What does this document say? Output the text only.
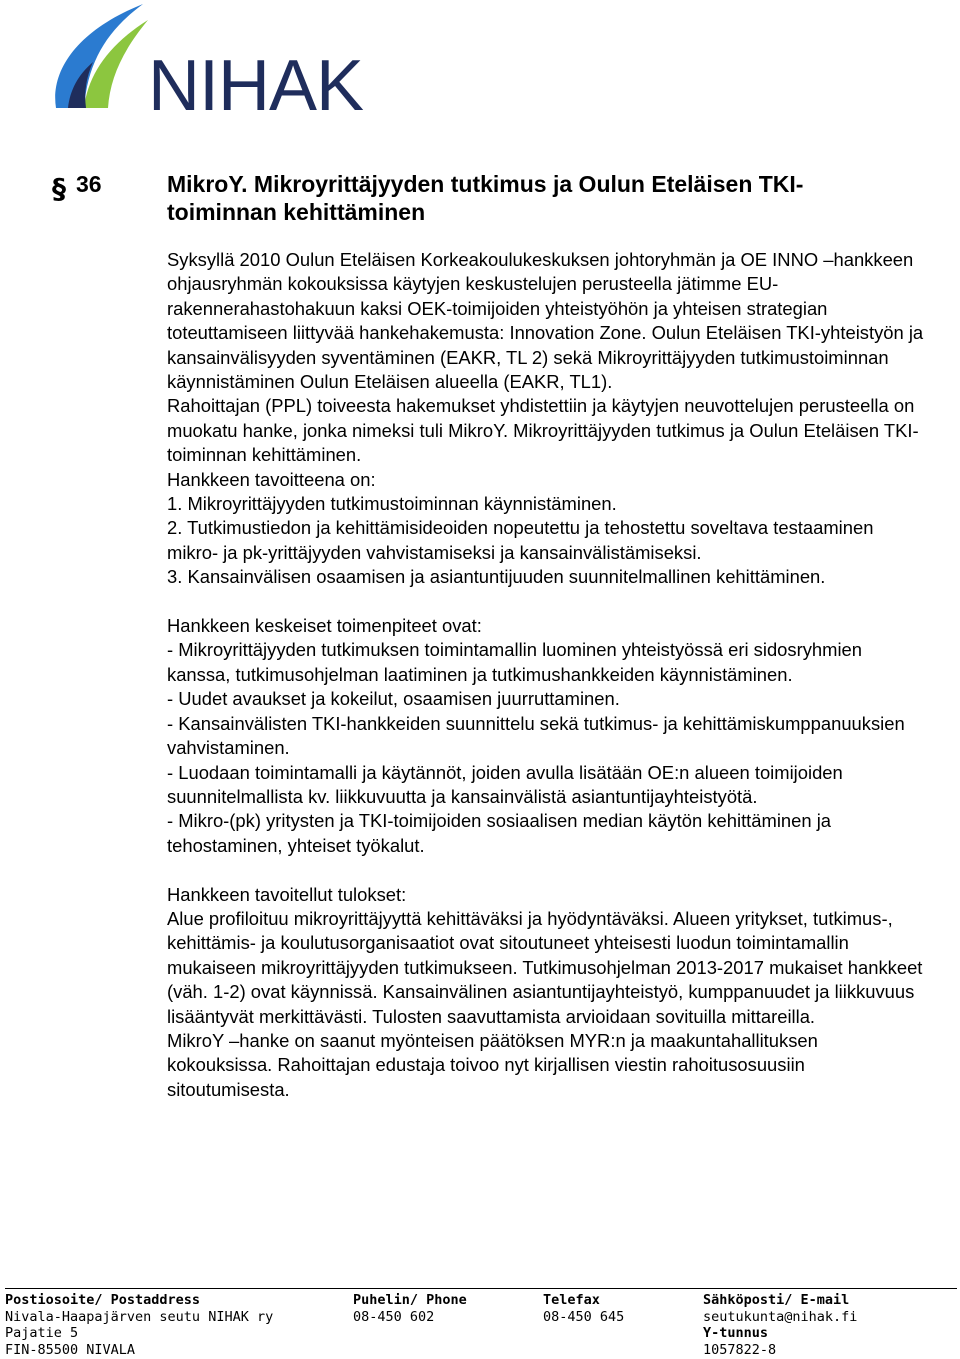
NIHAK
§ 36	MikroY. Mikroyrittäjyyden tutkimus ja Oulun Eteläisen TKI-toiminnan kehittäminen

Syksyllä 2010 Oulun Eteläisen Korkeakoulukeskuksen johtoryhmän ja OE INNO –hankkeen ohjausryhmän kokouksissa käytyjen keskustelujen perusteella jätimme EU-rakennerahastohakuun kaksi OEK-toimijoiden yhteistyöhön ja yhteisen strategian toteuttamiseen liittyvää hankehakemusta: Innovation Zone. Oulun Eteläisen TKI-yhteistyön ja kansainvälisyyden syventäminen (EAKR, TL 2) sekä Mikroyrittäjyyden tutkimustoiminnan käynnistäminen Oulun Eteläisen alueella (EAKR, TL1).

Rahoittajan (PPL) toiveesta hakemukset yhdistettiin ja käytyjen neuvottelujen perusteella on muokatu hanke, jonka nimeksi tuli MikroY. Mikroyrittäjyyden tutkimus ja Oulun Eteläisen TKI-toiminnan kehittäminen.

Hankkeen tavoitteena on:

1. Mikroyrittäjyyden tutkimustoiminnan käynnistäminen.

2. Tutkimustiedon ja kehittämisideoiden nopeutettu ja tehostettu soveltava testaaminen mikro- ja pk-yrittäjyyden vahvistamiseksi ja kansainvälistämiseksi.

3. Kansainvälisen osaamisen ja asiantuntijuuden suunnitelmallinen kehittäminen.

Hankkeen keskeiset toimenpiteet ovat:

- Mikroyrittäjyyden tutkimuksen toimintamallin luominen yhteistyössä eri sidosryhmien kanssa, tutkimusohjelman laatiminen ja tutkimushankkeiden käynnistäminen.

- Uudet avaukset ja kokeilut, osaamisen juurruttaminen.

- Kansainvälisten TKI-hankkeiden suunnittelu sekä tutkimus- ja kehittämiskumppanuuksien vahvistaminen.

- Luodaan toimintamalli ja käytännöt, joiden avulla lisätään OE:n alueen toimijoiden suunnitelmallista kv. liikkuvuutta ja kansainvälistä asiantuntijayhteistyötä.

- Mikro-(pk) yritysten ja TKI-toimijoiden sosiaalisen median käytön kehittäminen ja tehostaminen, yhteiset työkalut.

Hankkeen tavoitellut tulokset:

Alue profiloituu mikroyrittäjyyttä kehittäväksi ja hyödyntäväksi. Alueen yritykset, tutkimus-, kehittämis- ja koulutusorganisaatiot ovat sitoutuneet yhteisesti luodun toimintamallin mukaiseen mikroyrittäjyyden tutkimukseen. Tutkimusohjelman 2013-2017 mukaiset hankkeet (väh. 1-2) ovat käynnissä. Kansainvälinen asiantuntijayhteistyö, kumppanuudet ja liikkuvuus lisääntyvät merkittävästi. Tulosten saavuttamista arvioidaan sovituilla mittareilla.

MikroY –hanke on saanut myönteisen päätöksen MYR:n ja maakuntahallituksen kokouksissa. Rahoittajan edustaja toivoo nyt kirjallisen viestin rahoitusosuusiin sitoutumisesta.

Postiosoite/ Postaddress
Nivala-Haapajärven seutu NIHAK ry
Pajatie 5
FIN-85500 NIVALA
Puhelin/ Phone
08-450 602
Telefax
08-450 645
Sähköposti/ E-mail
seutukunta@nihak.fi
Y-tunnus
1057822-8
